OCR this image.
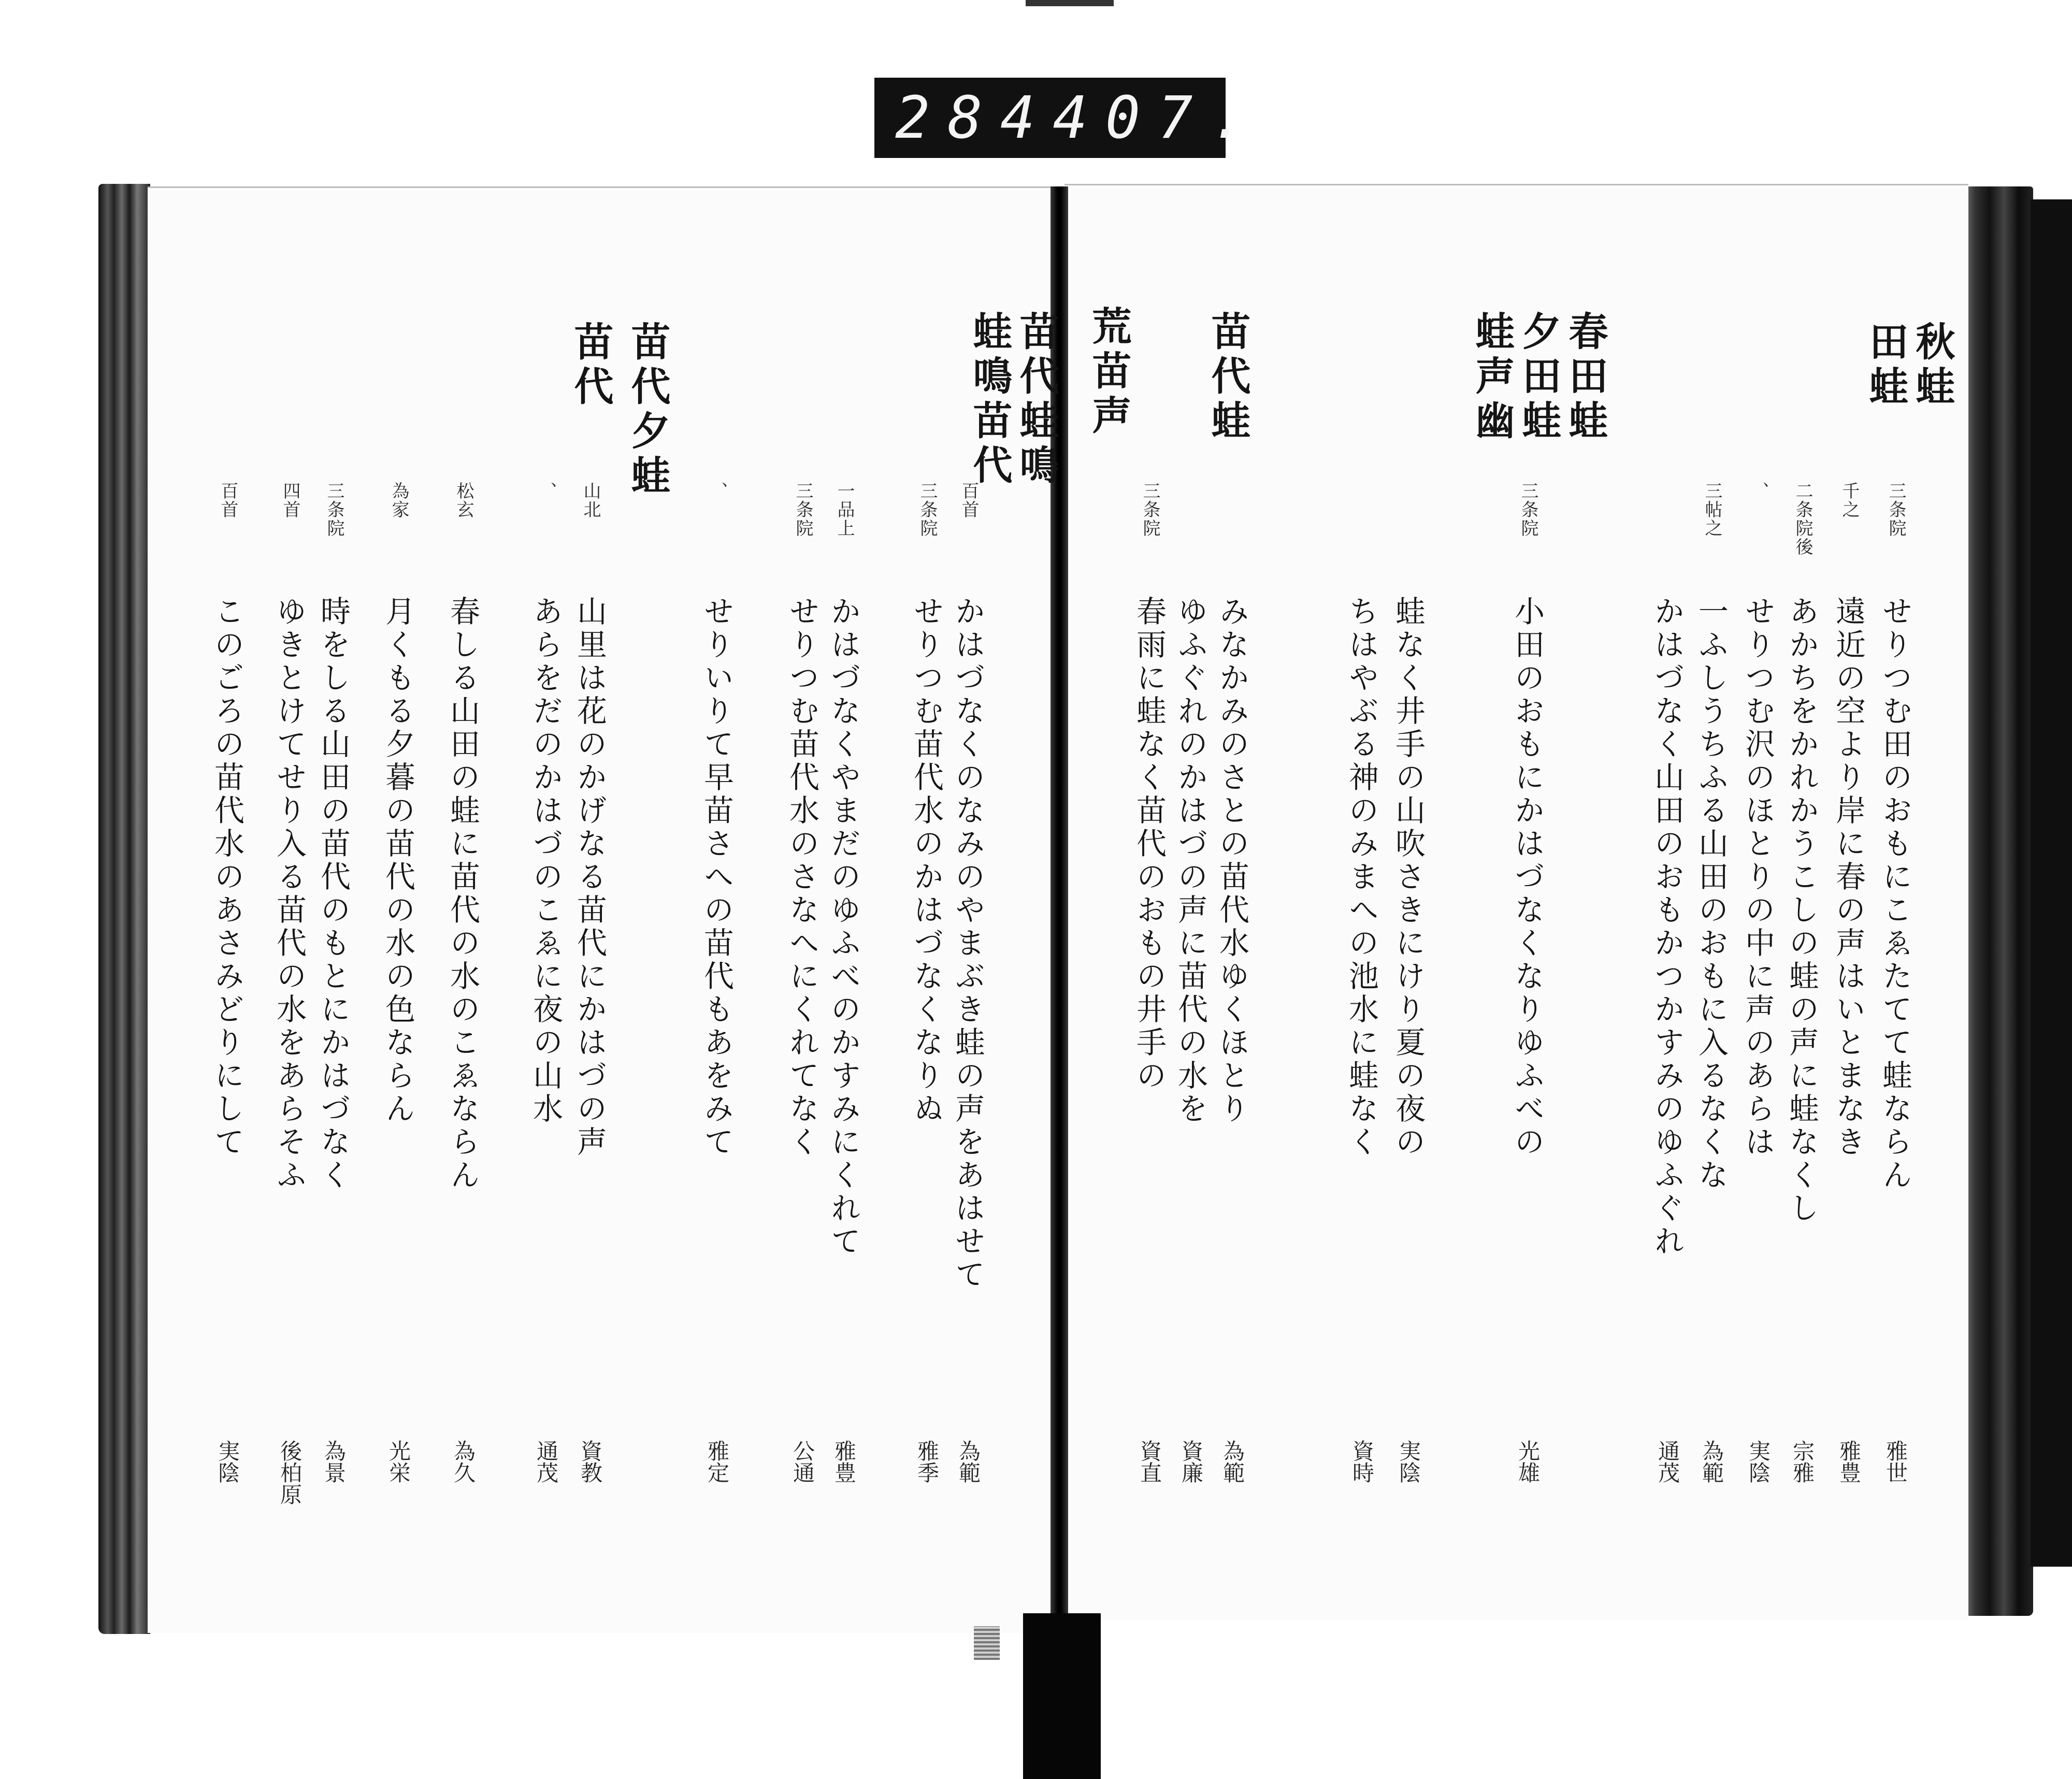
284 407.
秋蛙
田蛙
春田蛙
夕田蛙
蛙声幽
苗代蛙
荒苗声
三条院
せりつむ田のおもにこゑたてて蛙ならん
雅世
千之
遠近の空より岸に春の声はいとまなき
雅豊
二条院後
あかちをかれかうこしの蛙の声に蛙なくし
宗雅
、
せりつむ沢のほとりの中に声のあらは
実陰
三帖之
一ふしうちふる山田のおもに入るなくな
為範
かはづなく山田のおもかつかすみのゆふぐれ
通茂
三条院
小田のおもにかはづなくなりゆふべの
光雄
蛙なく井手の山吹さきにけり夏の夜の
実陰
ちはやぶる神のみまへの池水に蛙なく
資時
みなかみのさとの苗代水ゆくほとり
為範
ゆふぐれのかはづの声に苗代の水を
資廉
三条院
春雨に蛙なく苗代のおもの井手の
資直
苗代蛙鳴
蛙鳴苗代
苗代夕蛙
苗代
百首
かはづなくのなみのやまぶき蛙の声をあはせて
為範
三条院
せりつむ苗代水のかはづなくなりぬ
雅季
一品上
かはづなくやまだのゆふべのかすみにくれて
雅豊
三条院
せりつむ苗代水のさなへにくれてなく
公通
、
せりいりて早苗さへの苗代もあをみて
雅定
山北
山里は花のかげなる苗代にかはづの声
資教
、
あらをだのかはづのこゑに夜の山水
通茂
松玄
春しる山田の蛙に苗代の水のこゑならん
為久
為家
月くもる夕暮の苗代の水の色ならん
光栄
三条院
時をしる山田の苗代のもとにかはづなく
為景
四首
ゆきとけてせり入る苗代の水をあらそふ
後柏原
百首
このごろの苗代水のあさみどりにして
実陰
